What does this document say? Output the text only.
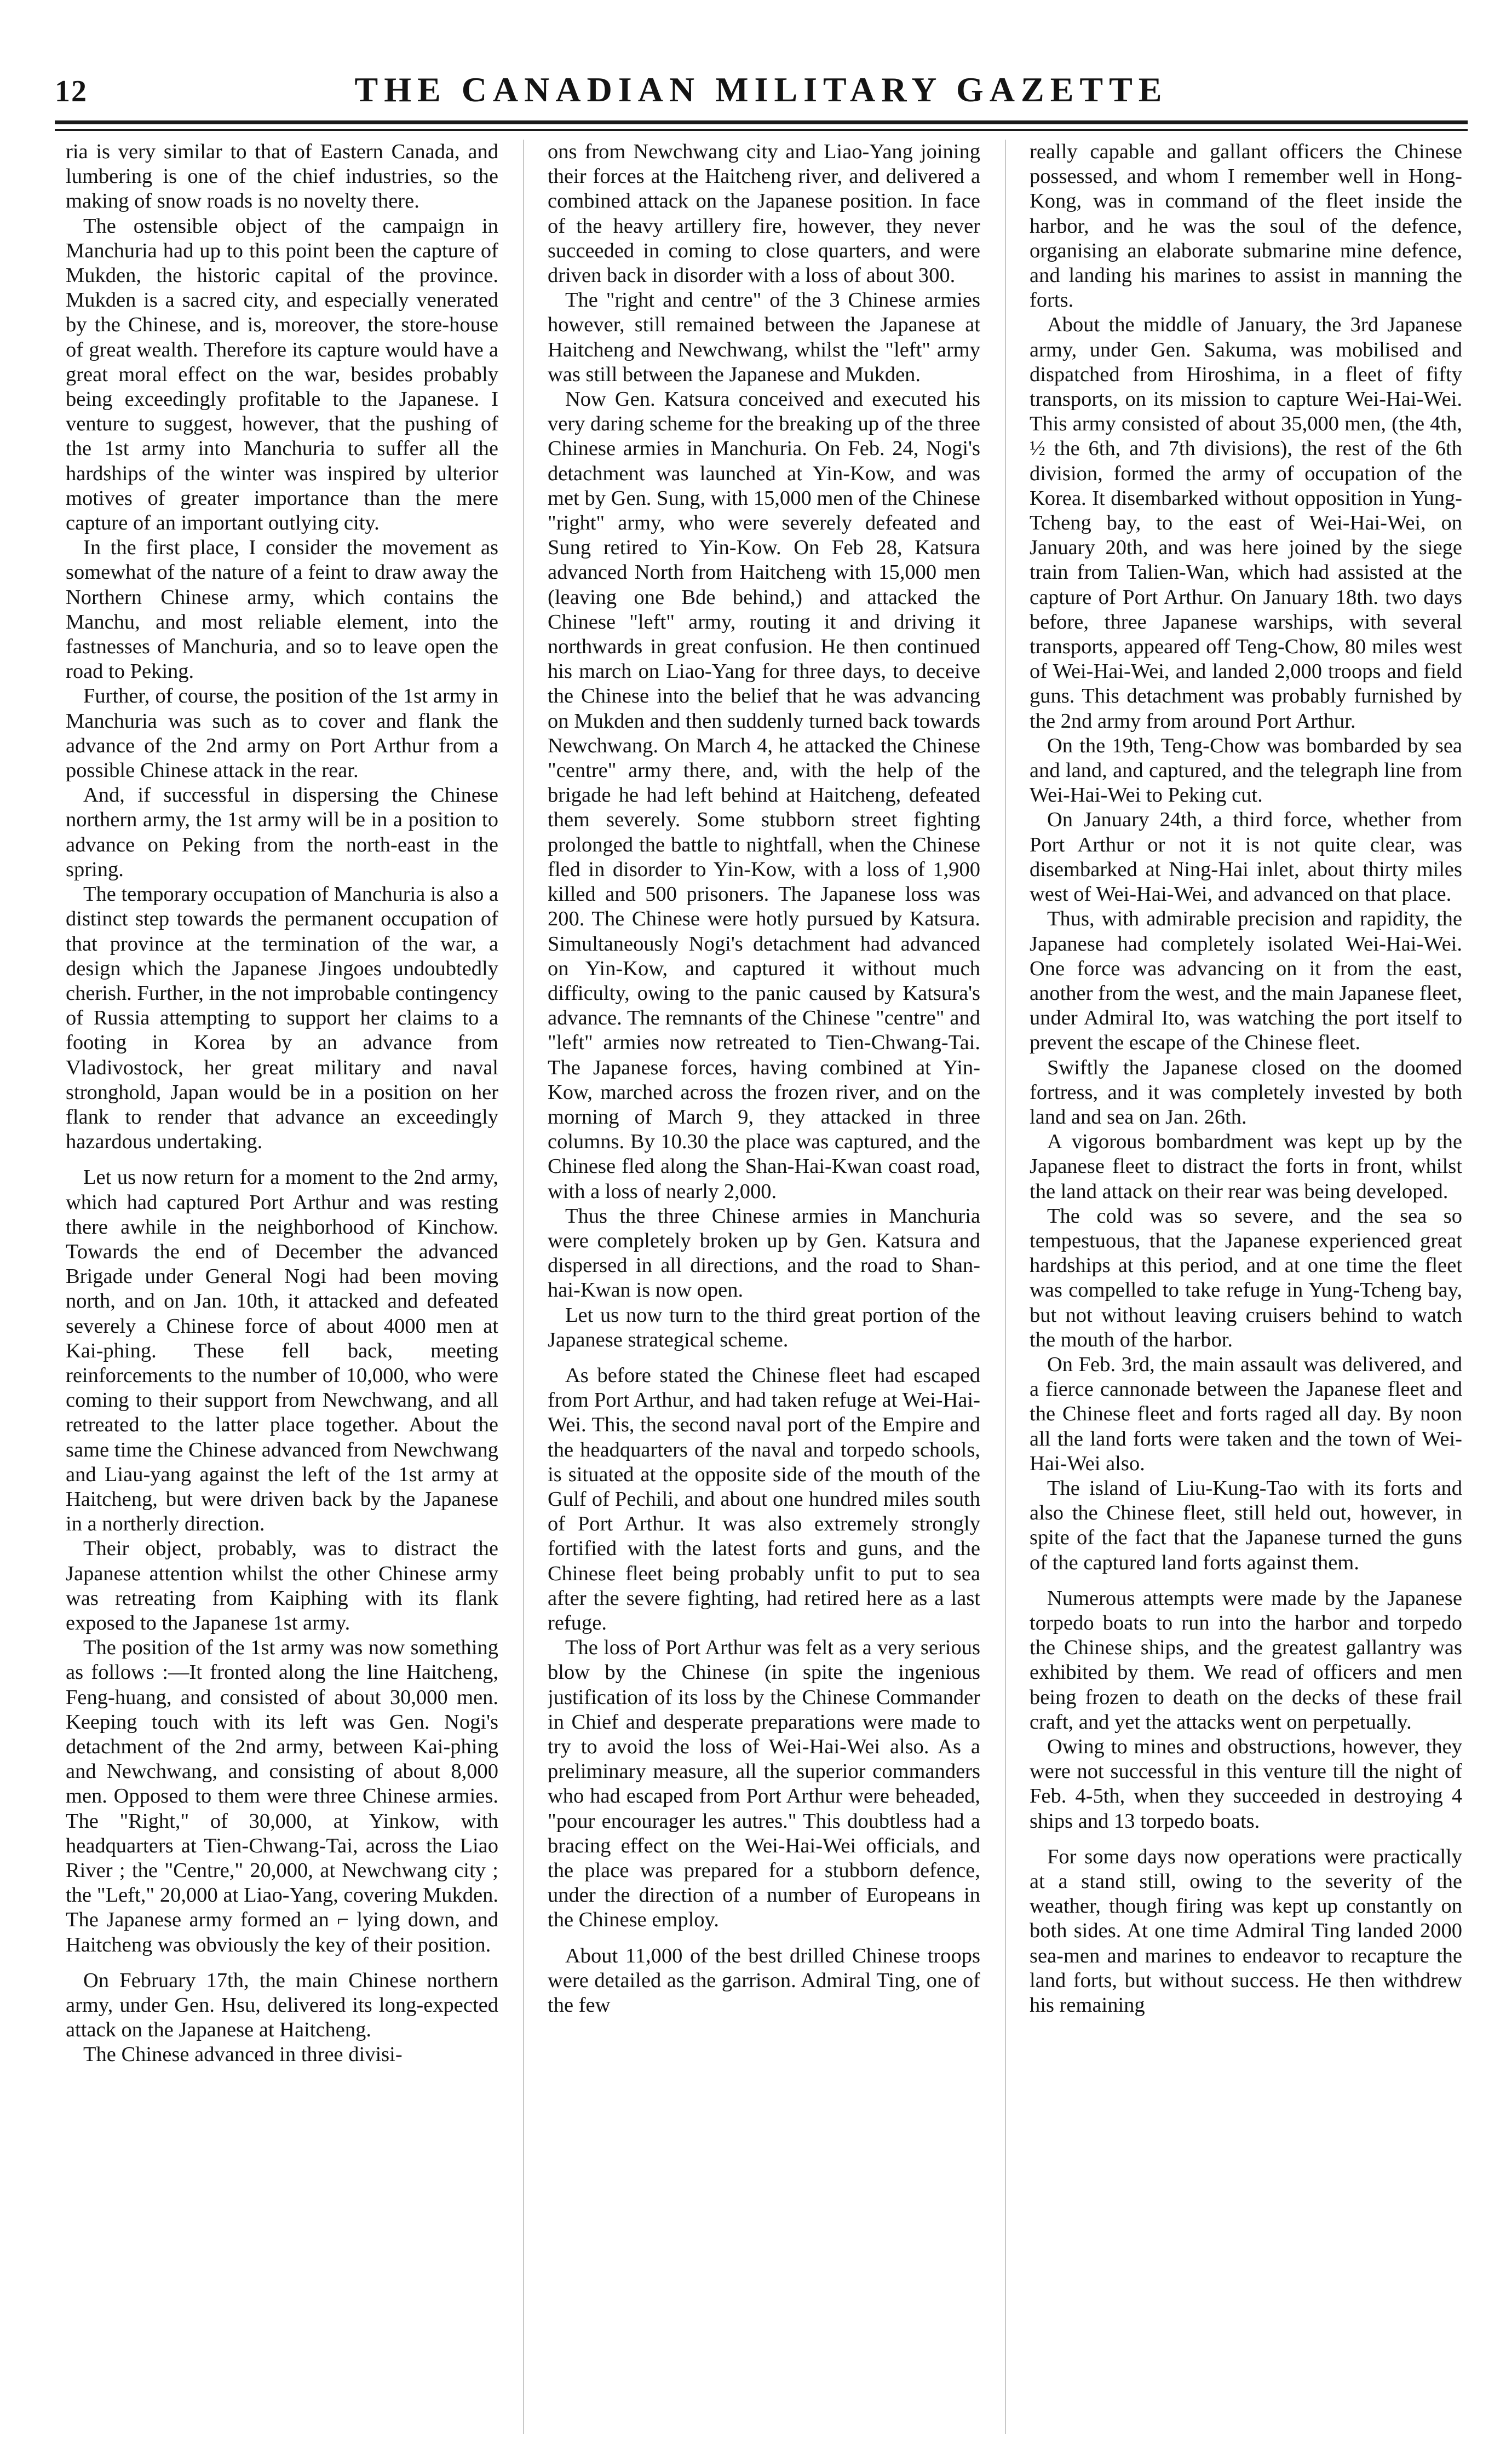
12	THE CANADIAN MILITARY GAZETTE

ria is very similar to that of Eastern Canada, and lumbering is one of the chief industries, so the making of snow roads is no novelty there.

The ostensible object of the campaign in Manchuria had up to this point been the capture of Mukden, the historic capital of the province. Mukden is a sacred city, and especially venerated by the Chinese, and is, moreover, the store-house of great wealth. Therefore its capture would have a great moral effect on the war, besides probably being exceedingly profitable to the Japanese. I venture to suggest, however, that the pushing of the 1st army into Manchuria to suffer all the hardships of the winter was inspired by ulterior motives of greater importance than the mere capture of an important outlying city.

In the first place, I consider the movement as somewhat of the nature of a feint to draw away the Northern Chinese army, which contains the Manchu, and most reliable element, into the fastnesses of Manchuria, and so to leave open the road to Peking.

Further, of course, the position of the 1st army in Manchuria was such as to cover and flank the advance of the 2nd army on Port Arthur from a possible Chinese attack in the rear.

And, if successful in dispersing the Chinese northern army, the 1st army will be in a position to advance on Peking from the north-east in the spring.

The temporary occupation of Manchuria is also a distinct step towards the permanent occupation of that province at the termination of the war, a design which the Japanese Jingoes undoubtedly cherish. Further, in the not improbable contingency of Russia attempting to support her claims to a footing in Korea by an advance from Vladivostock, her great military and naval stronghold, Japan would be in a position on her flank to render that advance an exceedingly hazardous undertaking.

Let us now return for a moment to the 2nd army, which had captured Port Arthur and was resting there awhile in the neighborhood of Kinchow. Towards the end of December the advanced Brigade under General Nogi had been moving north, and on Jan. 10th, it attacked and defeated severely a Chinese force of about 4000 men at Kai-phing. These fell back, meeting reinforcements to the number of 10,000, who were coming to their support from Newchwang, and all retreated to the latter place together. About the same time the Chinese advanced from Newchwang and Liau-yang against the left of the 1st army at Haitcheng, but were driven back by the Japanese in a northerly direction.

Their object, probably, was to distract the Japanese attention whilst the other Chinese army was retreating from Kaiphing with its flank exposed to the Japanese 1st army.

The position of the 1st army was now something as follows :—It fronted along the line Haitcheng, Feng-huang, and consisted of about 30,000 men. Keeping touch with its left was Gen. Nogi's detachment of the 2nd army, between Kai-phing and Newchwang, and consisting of about 8,000 men. Opposed to them were three Chinese armies. The "Right," of 30,000, at Yinkow, with headquarters at Tien-Chwang-Tai, across the Liao River ; the "Centre," 20,000, at Newchwang city ; the "Left," 20,000 at Liao-Yang, covering Mukden. The Japanese army formed an ⌐ lying down, and Haitcheng was obviously the key of their position.

On February 17th, the main Chinese northern army, under Gen. Hsu, delivered its long-expected attack on the Japanese at Haitcheng.

The Chinese advanced in three divisi-

ons from Newchwang city and Liao-Yang joining their forces at the Haitcheng river, and delivered a combined attack on the Japanese position. In face of the heavy artillery fire, however, they never succeeded in coming to close quarters, and were driven back in disorder with a loss of about 300.

The "right and centre" of the 3 Chinese armies however, still remained between the Japanese at Haitcheng and Newchwang, whilst the "left" army was still between the Japanese and Mukden.

Now Gen. Katsura conceived and executed his very daring scheme for the breaking up of the three Chinese armies in Manchuria. On Feb. 24, Nogi's detachment was launched at Yin-Kow, and was met by Gen. Sung, with 15,000 men of the Chinese "right" army, who were severely defeated and Sung retired to Yin-Kow. On Feb 28, Katsura advanced North from Haitcheng with 15,000 men (leaving one Bde behind,) and attacked the Chinese "left" army, routing it and driving it northwards in great confusion. He then continued his march on Liao-Yang for three days, to deceive the Chinese into the belief that he was advancing on Mukden and then suddenly turned back towards Newchwang. On March 4, he attacked the Chinese "centre" army there, and, with the help of the brigade he had left behind at Haitcheng, defeated them severely. Some stubborn street fighting prolonged the battle to nightfall, when the Chinese fled in disorder to Yin-Kow, with a loss of 1,900 killed and 500 prisoners. The Japanese loss was 200. The Chinese were hotly pursued by Katsura. Simultaneously Nogi's detachment had advanced on Yin-Kow, and captured it without much difficulty, owing to the panic caused by Katsura's advance. The remnants of the Chinese "centre" and "left" armies now retreated to Tien-Chwang-Tai. The Japanese forces, having combined at Yin-Kow, marched across the frozen river, and on the morning of March 9, they attacked in three columns. By 10.30 the place was captured, and the Chinese fled along the Shan-Hai-Kwan coast road, with a loss of nearly 2,000.

Thus the three Chinese armies in Manchuria were completely broken up by Gen. Katsura and dispersed in all directions, and the road to Shan-hai-Kwan is now open.

Let us now turn to the third great portion of the Japanese strategical scheme.

As before stated the Chinese fleet had escaped from Port Arthur, and had taken refuge at Wei-Hai-Wei. This, the second naval port of the Empire and the headquarters of the naval and torpedo schools, is situated at the opposite side of the mouth of the Gulf of Pechili, and about one hundred miles south of Port Arthur. It was also extremely strongly fortified with the latest forts and guns, and the Chinese fleet being probably unfit to put to sea after the severe fighting, had retired here as a last refuge.

The loss of Port Arthur was felt as a very serious blow by the Chinese (in spite the ingenious justification of its loss by the Chinese Commander in Chief and desperate preparations were made to try to avoid the loss of Wei-Hai-Wei also. As a preliminary measure, all the superior commanders who had escaped from Port Arthur were beheaded, "pour encourager les autres." This doubtless had a bracing effect on the Wei-Hai-Wei officials, and the place was prepared for a stubborn defence, under the direction of a number of Europeans in the Chinese employ.

About 11,000 of the best drilled Chinese troops were detailed as the garrison. Admiral Ting, one of the few

really capable and gallant officers the Chinese possessed, and whom I remember well in Hong-Kong, was in command of the fleet inside the harbor, and he was the soul of the defence, organising an elaborate submarine mine defence, and landing his marines to assist in manning the forts.

About the middle of January, the 3rd Japanese army, under Gen. Sakuma, was mobilised and dispatched from Hiroshima, in a fleet of fifty transports, on its mission to capture Wei-Hai-Wei. This army consisted of about 35,000 men, (the 4th, ½ the 6th, and 7th divisions), the rest of the 6th division, formed the army of occupation of the Korea. It disembarked without opposition in Yung-Tcheng bay, to the east of Wei-Hai-Wei, on January 20th, and was here joined by the siege train from Talien-Wan, which had assisted at the capture of Port Arthur. On January 18th. two days before, three Japanese warships, with several transports, appeared off Teng-Chow, 80 miles west of Wei-Hai-Wei, and landed 2,000 troops and field guns. This detachment was probably furnished by the 2nd army from around Port Arthur.

On the 19th, Teng-Chow was bombarded by sea and land, and captured, and the telegraph line from Wei-Hai-Wei to Peking cut.

On January 24th, a third force, whether from Port Arthur or not it is not quite clear, was disembarked at Ning-Hai inlet, about thirty miles west of Wei-Hai-Wei, and advanced on that place.

Thus, with admirable precision and rapidity, the Japanese had completely isolated Wei-Hai-Wei. One force was advancing on it from the east, another from the west, and the main Japanese fleet, under Admiral Ito, was watching the port itself to prevent the escape of the Chinese fleet.

Swiftly the Japanese closed on the doomed fortress, and it was completely invested by both land and sea on Jan. 26th.

A vigorous bombardment was kept up by the Japanese fleet to distract the forts in front, whilst the land attack on their rear was being developed.

The cold was so severe, and the sea so tempestuous, that the Japanese experienced great hardships at this period, and at one time the fleet was compelled to take refuge in Yung-Tcheng bay, but not without leaving cruisers behind to watch the mouth of the harbor.

On Feb. 3rd, the main assault was delivered, and a fierce cannonade between the Japanese fleet and the Chinese fleet and forts raged all day. By noon all the land forts were taken and the town of Wei-Hai-Wei also.

The island of Liu-Kung-Tao with its forts and also the Chinese fleet, still held out, however, in spite of the fact that the Japanese turned the guns of the captured land forts against them.

Numerous attempts were made by the Japanese torpedo boats to run into the harbor and torpedo the Chinese ships, and the greatest gallantry was exhibited by them. We read of officers and men being frozen to death on the decks of these frail craft, and yet the attacks went on perpetually.

Owing to mines and obstructions, however, they were not successful in this venture till the night of Feb. 4-5th, when they succeeded in destroying 4 ships and 13 torpedo boats.

For some days now operations were practically at a stand still, owing to the severity of the weather, though firing was kept up constantly on both sides. At one time Admiral Ting landed 2000 sea-men and marines to endeavor to recapture the land forts, but without success. He then withdrew his remaining
